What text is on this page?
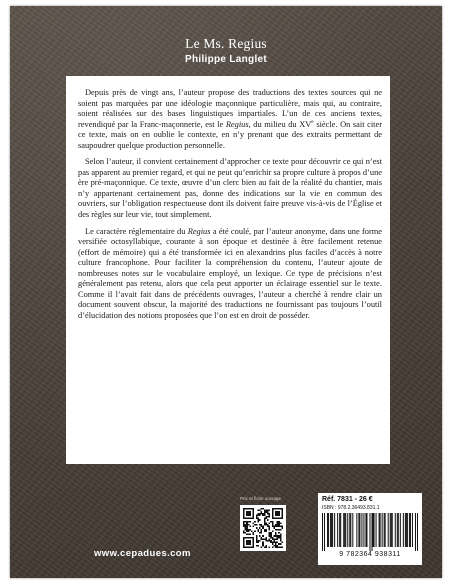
Le Ms. Regius
Philippe Langlet

Depuis près de vingt ans, l’auteur propose des traductions des textes sources qui ne soient pas marquées par une idéologie maçonnique particulière, mais qui, au contraire, soient réalisées sur des bases linguistiques impartiales. L’un de ces anciens textes, revendiqué par la Franc-maçonnerie, est le Regius, du milieu du XVe siècle. On sait citer ce texte, mais on en oublie le contexte, en n’y prenant que des extraits permettant de saupoudrer quelque production personnelle.

Selon l’auteur, il convient certainement d’approcher ce texte pour découvrir ce qui n’est pas apparent au premier regard, et qui ne peut qu’enrichir sa propre culture à propos d’une ère pré-maçonnique. Ce texte, œuvre d’un clerc bien au fait de la réalité du chantier, mais n’y appartenant certainement pas, donne des indications sur la vie en commun des ouvriers, sur l’obligation respectueuse dont ils doivent faire preuve vis-à-vis de l’Église et des règles sur leur vie, tout simplement.

Le caractère réglementaire du Regius a été coulé, par l’auteur anonyme, dans une forme versifiée octosyllabique, courante à son époque et destinée à être facilement retenue (effort de mémoire) qui a été transformée ici en alexandrins plus faciles d’accès à notre culture francophone. Pour faciliter la compréhension du contenu, l’auteur ajoute de nombreuses notes sur le vocabulaire employé, un lexique. Ce type de précisions n’est généralement pas retenu, alors que cela peut apporter un éclairage essentiel sur le texte. Comme il l’avait fait dans de précédents ouvrages, l’auteur a cherché à rendre clair un document souvent obscur, la majorité des traductions ne fournissant pas toujours l’outil d’élucidation des notions proposées que l’on est en droit de posséder.

Prix et fiche ouvrage
www.cepadues.com
Réf. 7831 - 26 €
ISBN : 978.2.36493.831.1
9 782364 938311
